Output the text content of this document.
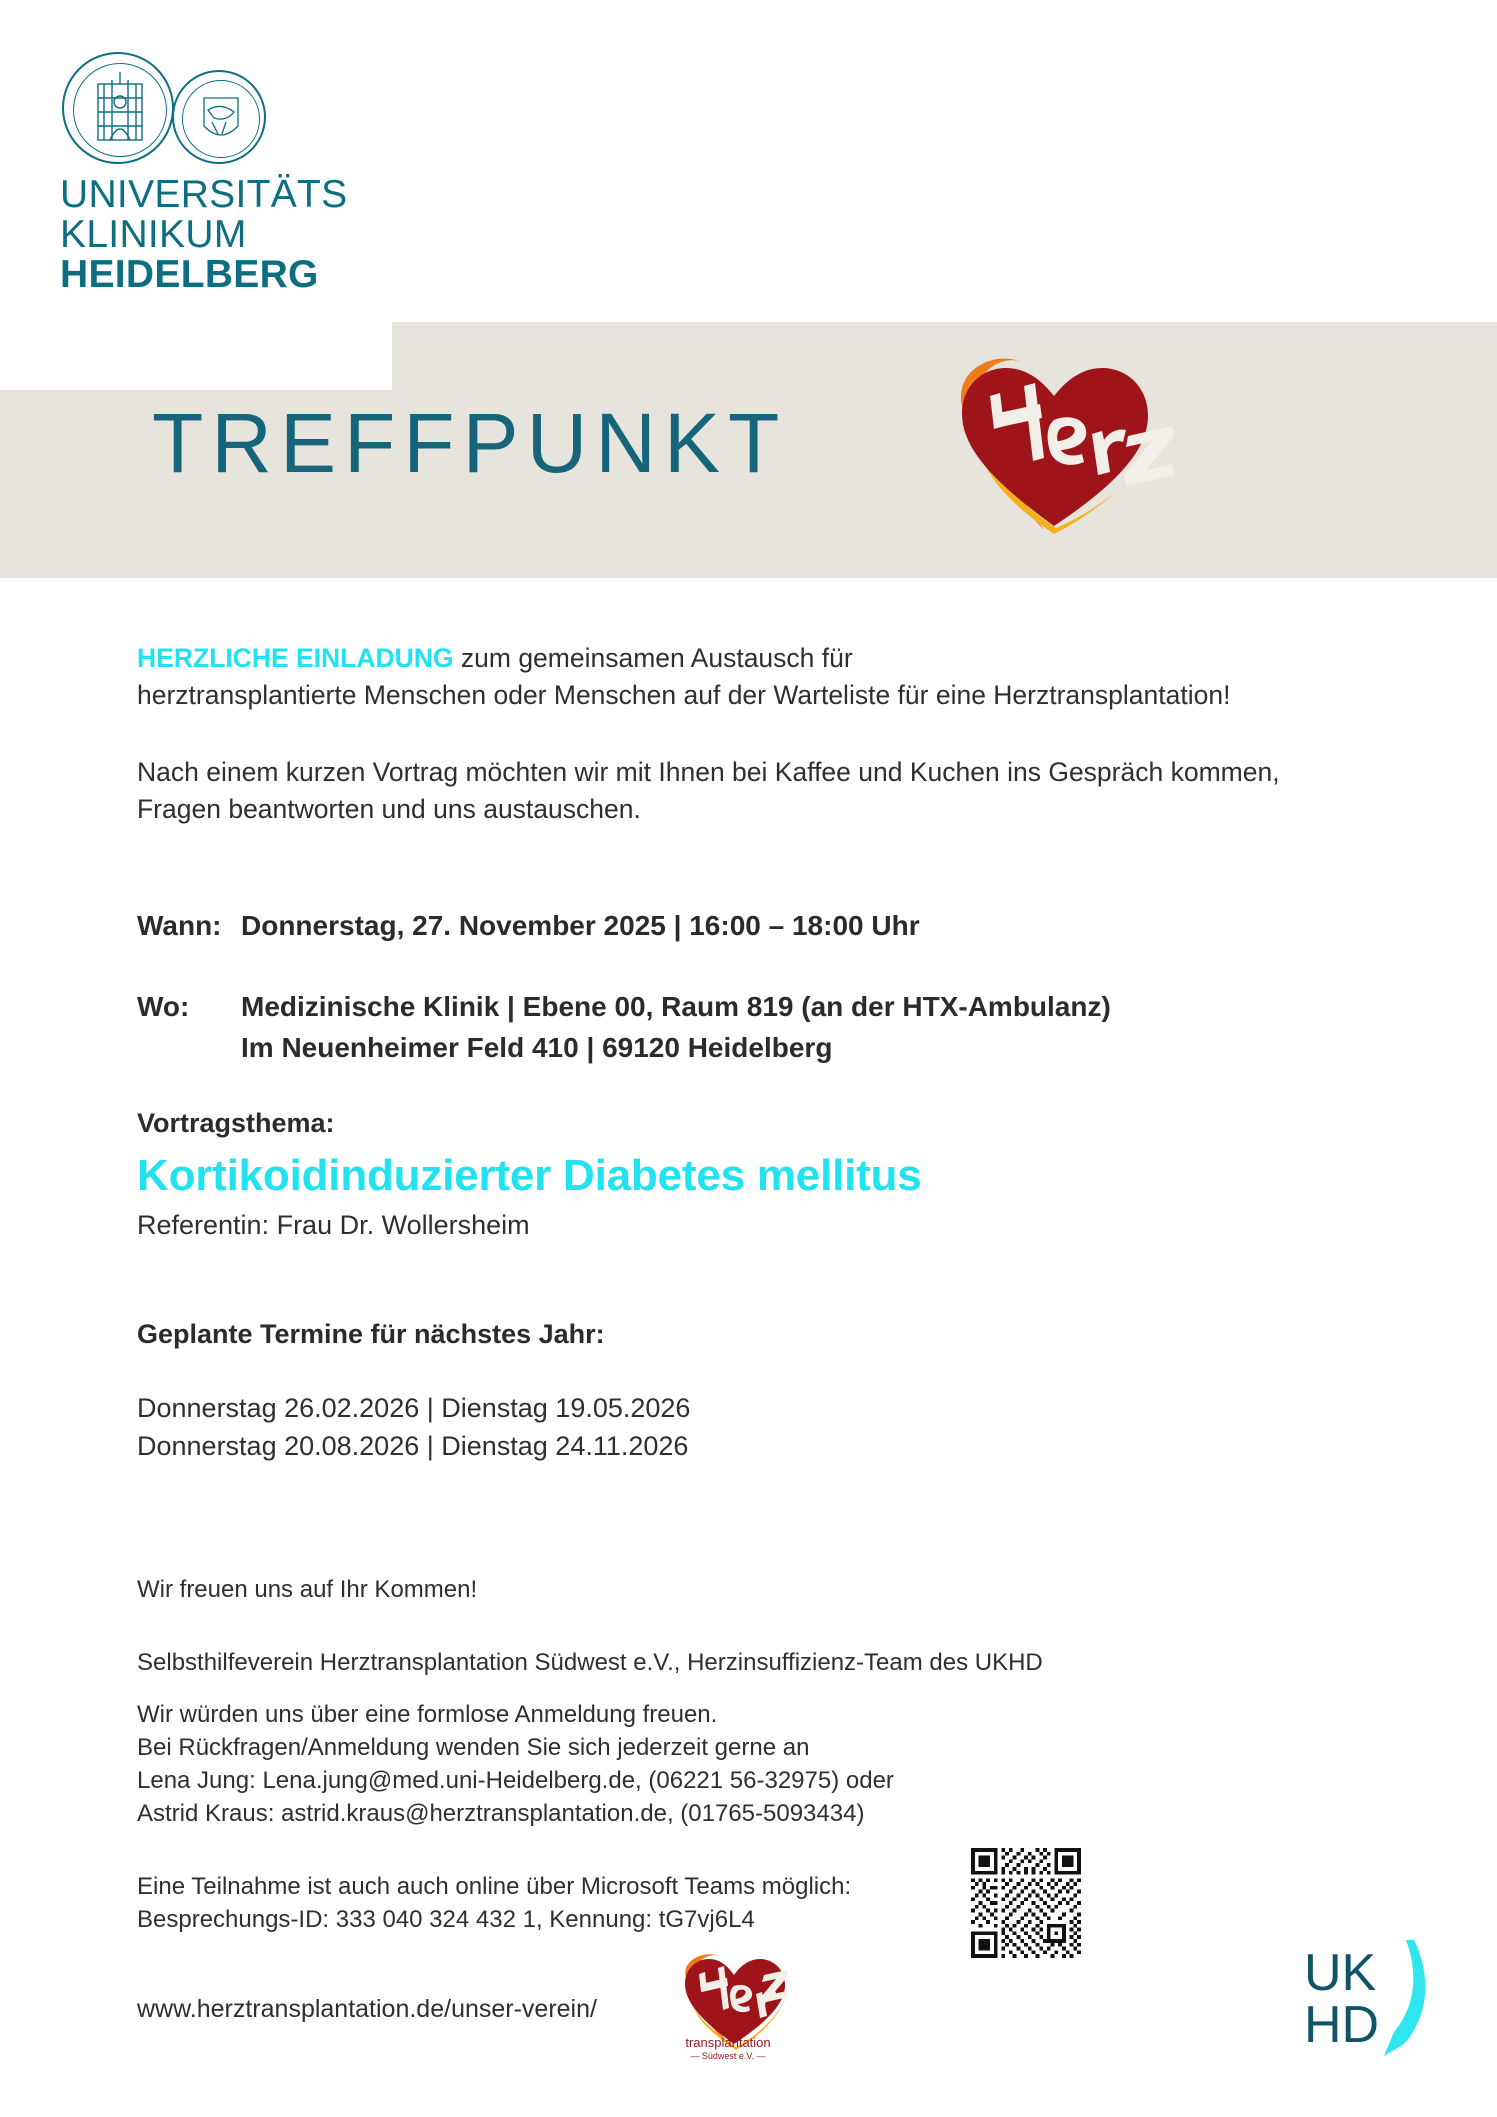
TREFFPUNKT
UNIVERSITÄTS
KLINIKUM
HEIDELBERG

HERZLICHE EINLADUNG zum gemeinsamen Austausch für
herztransplantierte Menschen oder Menschen auf der Warteliste für eine Herztransplantation!

Nach einem kurzen Vortrag möchten wir mit Ihnen bei Kaffee und Kuchen ins Gespräch kommen,
Fragen beantworten und uns austauschen.

Wann: Donnerstag, 27. November 2025 | 16:00 – 18:00 Uhr
Wo:	Medizinische Klinik | Ebene 00, Raum 819 (an der HTX-Ambulanz)
Im Neuenheimer Feld 410 | 69120 Heidelberg

Vortragsthema:

Kortikoidinduzierter Diabetes mellitus

Referentin: Frau Dr. Wollersheim

Geplante Termine für nächstes Jahr:

Donnerstag 26.02.2026 | Dienstag 19.05.2026

Donnerstag 20.08.2026 | Dienstag 24.11.2026

Wir freuen uns auf Ihr Kommen!

Selbsthilfeverein Herztransplantation Südwest e.V., Herzinsuffizienz-Team des UKHD

Wir würden uns über eine formlose Anmeldung freuen.
Bei Rückfragen/Anmeldung wenden Sie sich jederzeit gerne an
Lena Jung: Lena.jung@med.uni-Heidelberg.de, (06221 56-32975) oder
Astrid Kraus: astrid.kraus@herztransplantation.de, (01765-5093434)

Eine Teilnahme ist auch auch online über Microsoft Teams möglich:
Besprechungs-ID: 333 040 324 432 1, Kennung: tG7vj6L4

www.herztransplantation.de/unser-verein/
transplantation
— Südwest e.V. —
UK
HD
